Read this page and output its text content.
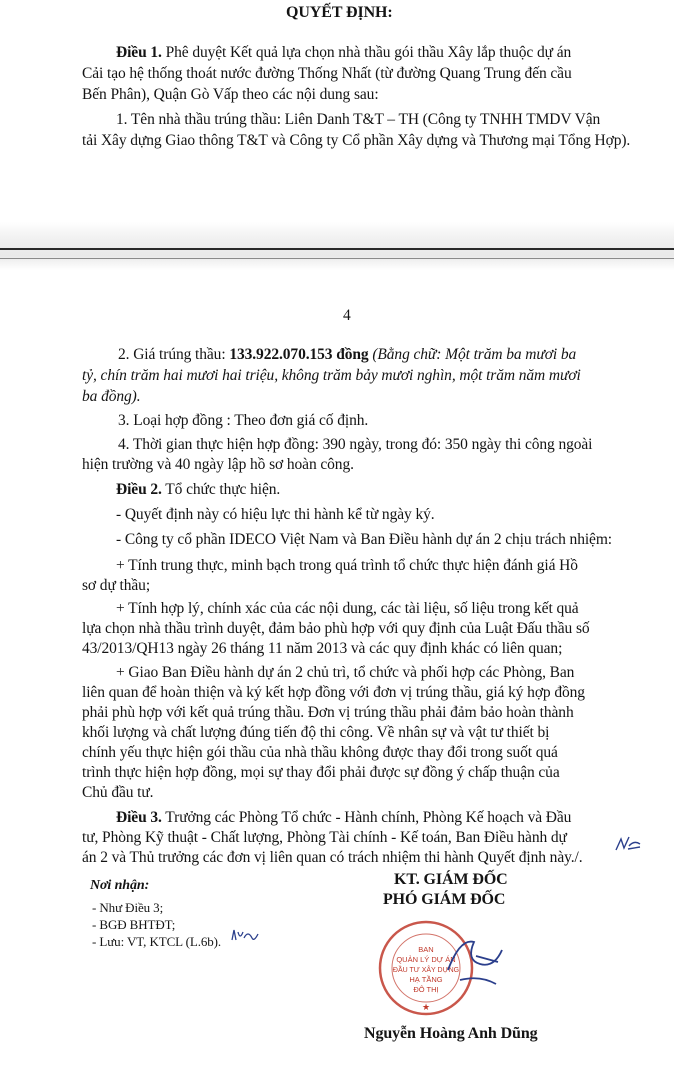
QUYẾT ĐỊNH:
Điều 1. Phê duyệt Kết quả lựa chọn nhà thầu gói thầu Xây lắp thuộc dự án
Cải tạo hệ thống thoát nước đường Thống Nhất (từ đường Quang Trung đến cầu
Bến Phân), Quận Gò Vấp theo các nội dung sau:
1. Tên nhà thầu trúng thầu: Liên Danh T&T – TH (Công ty TNHH TMDV Vận
tải Xây dựng Giao thông T&T và Công ty Cổ phần Xây dựng và Thương mại Tổng Hợp).
4
2. Giá trúng thầu: 133.922.070.153 đồng (Bằng chữ: Một trăm ba mươi ba
tỷ, chín trăm hai mươi hai triệu, không trăm bảy mươi nghìn, một trăm năm mươi
ba đồng).
3. Loại hợp đồng : Theo đơn giá cố định.
4. Thời gian thực hiện hợp đồng: 390 ngày, trong đó: 350 ngày thi công ngoài
hiện trường và 40 ngày lập hồ sơ hoàn công.
Điều 2. Tổ chức thực hiện.
- Quyết định này có hiệu lực thi hành kể từ ngày ký.
- Công ty cổ phần IDECO Việt Nam và Ban Điều hành dự án 2 chịu trách nhiệm:
+ Tính trung thực, minh bạch trong quá trình tổ chức thực hiện đánh giá Hồ
sơ dự thầu;
+ Tính hợp lý, chính xác của các nội dung, các tài liệu, số liệu trong kết quả
lựa chọn nhà thầu trình duyệt, đảm bảo phù hợp với quy định của Luật Đấu thầu số
43/2013/QH13 ngày 26 tháng 11 năm 2013 và các quy định khác có liên quan;
+ Giao Ban Điều hành dự án 2 chủ trì, tổ chức và phối hợp các Phòng, Ban
liên quan để hoàn thiện và ký kết hợp đồng với đơn vị trúng thầu, giá ký hợp đồng
phải phù hợp với kết quả trúng thầu. Đơn vị trúng thầu phải đảm bảo hoàn thành
khối lượng và chất lượng đúng tiến độ thi công. Về nhân sự và vật tư thiết bị
chính yếu thực hiện gói thầu của nhà thầu không được thay đổi trong suốt quá
trình thực hiện hợp đồng, mọi sự thay đổi phải được sự đồng ý chấp thuận của
Chủ đầu tư.
Điều 3. Trưởng các Phòng Tổ chức - Hành chính, Phòng Kế hoạch và Đầu
tư, Phòng Kỹ thuật - Chất lượng, Phòng Tài chính - Kế toán, Ban Điều hành dự
án 2 và Thủ trưởng các đơn vị liên quan có trách nhiệm thi hành Quyết định này./.
Nơi nhận:
- Như Điều 3;
- BGĐ BHTĐT;
- Lưu: VT, KTCL (L.6b).
KT. GIÁM ĐỐC
PHÓ GIÁM ĐỐC
BAN
QUẢN LÝ DỰ ÁN
ĐẦU TƯ XÂY DỰNG
HẠ TẦNG
ĐÔ THỊ
★
Nguyễn Hoàng Anh Dũng
